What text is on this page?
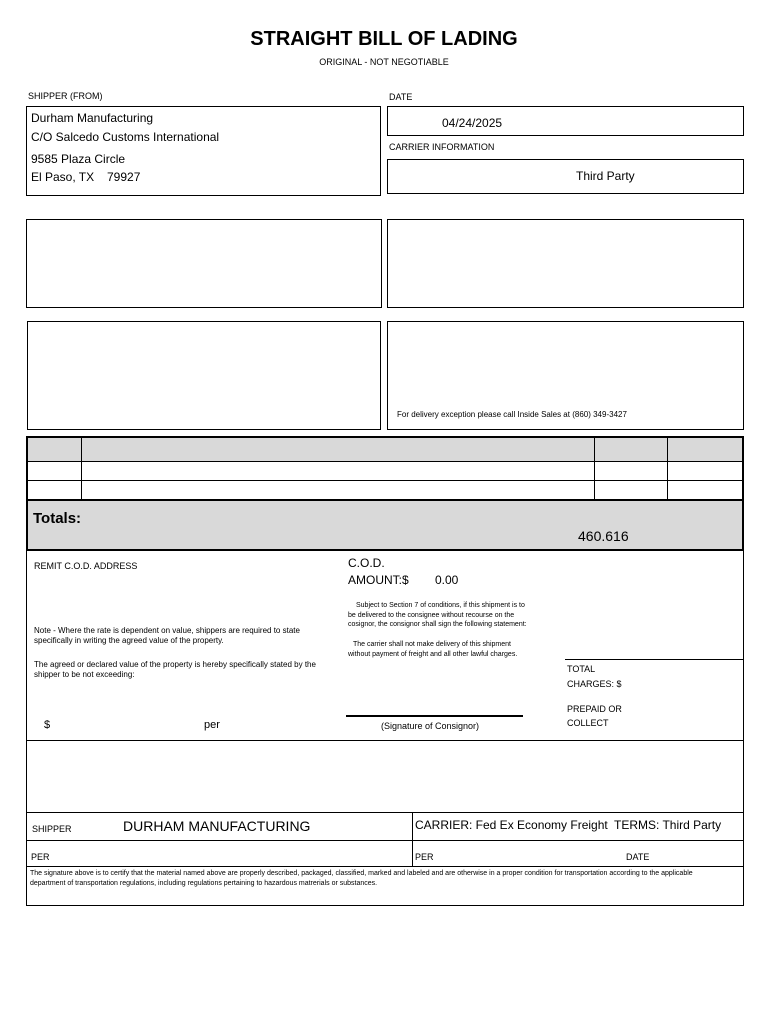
STRAIGHT BILL OF LADING
ORIGINAL - NOT NEGOTIABLE
SHIPPER (FROM)
Durham Manufacturing
C/O Salcedo Customs International
9585 Plaza Circle
El Paso, TX 79927
DATE
04/24/2025
CARRIER INFORMATION
Third Party
For delivery exception please call Inside Sales at (860) 349-3427
Totals:
460.616
REMIT C.O.D. ADDRESS	C.O.D.
AMOUNT:$ 0.00
Note - Where the rate is dependent on value, shippers are required to state specifically in writing the agreed value of the property.
The agreed or declared value of the property is hereby specifically stated by the shipper to be not exceeding:
$	per
Subject to Section 7 of conditions, if this shipment is to be delivered to the consignee without recourse on the cosignor, the consignor shall sign the following statement:
The carrier shall not make delivery of this shipment without payment of freight and all other lawful charges.
(Signature of Consignor)
TOTAL
CHARGES: $
PREPAID OR
COLLECT
SHIPPER	DURHAM MANUFACTURING	CARRIER: Fed Ex Economy Freight TERMS: Third Party
PER	PER	DATE
The signature above is to certify that the material named above are properly described, packaged, classified, marked and labeled and are otherwise in a proper condition for transportation according to the applicable department of transportation regulations, including regulations pertaining to hazardous matrerials or substances.
